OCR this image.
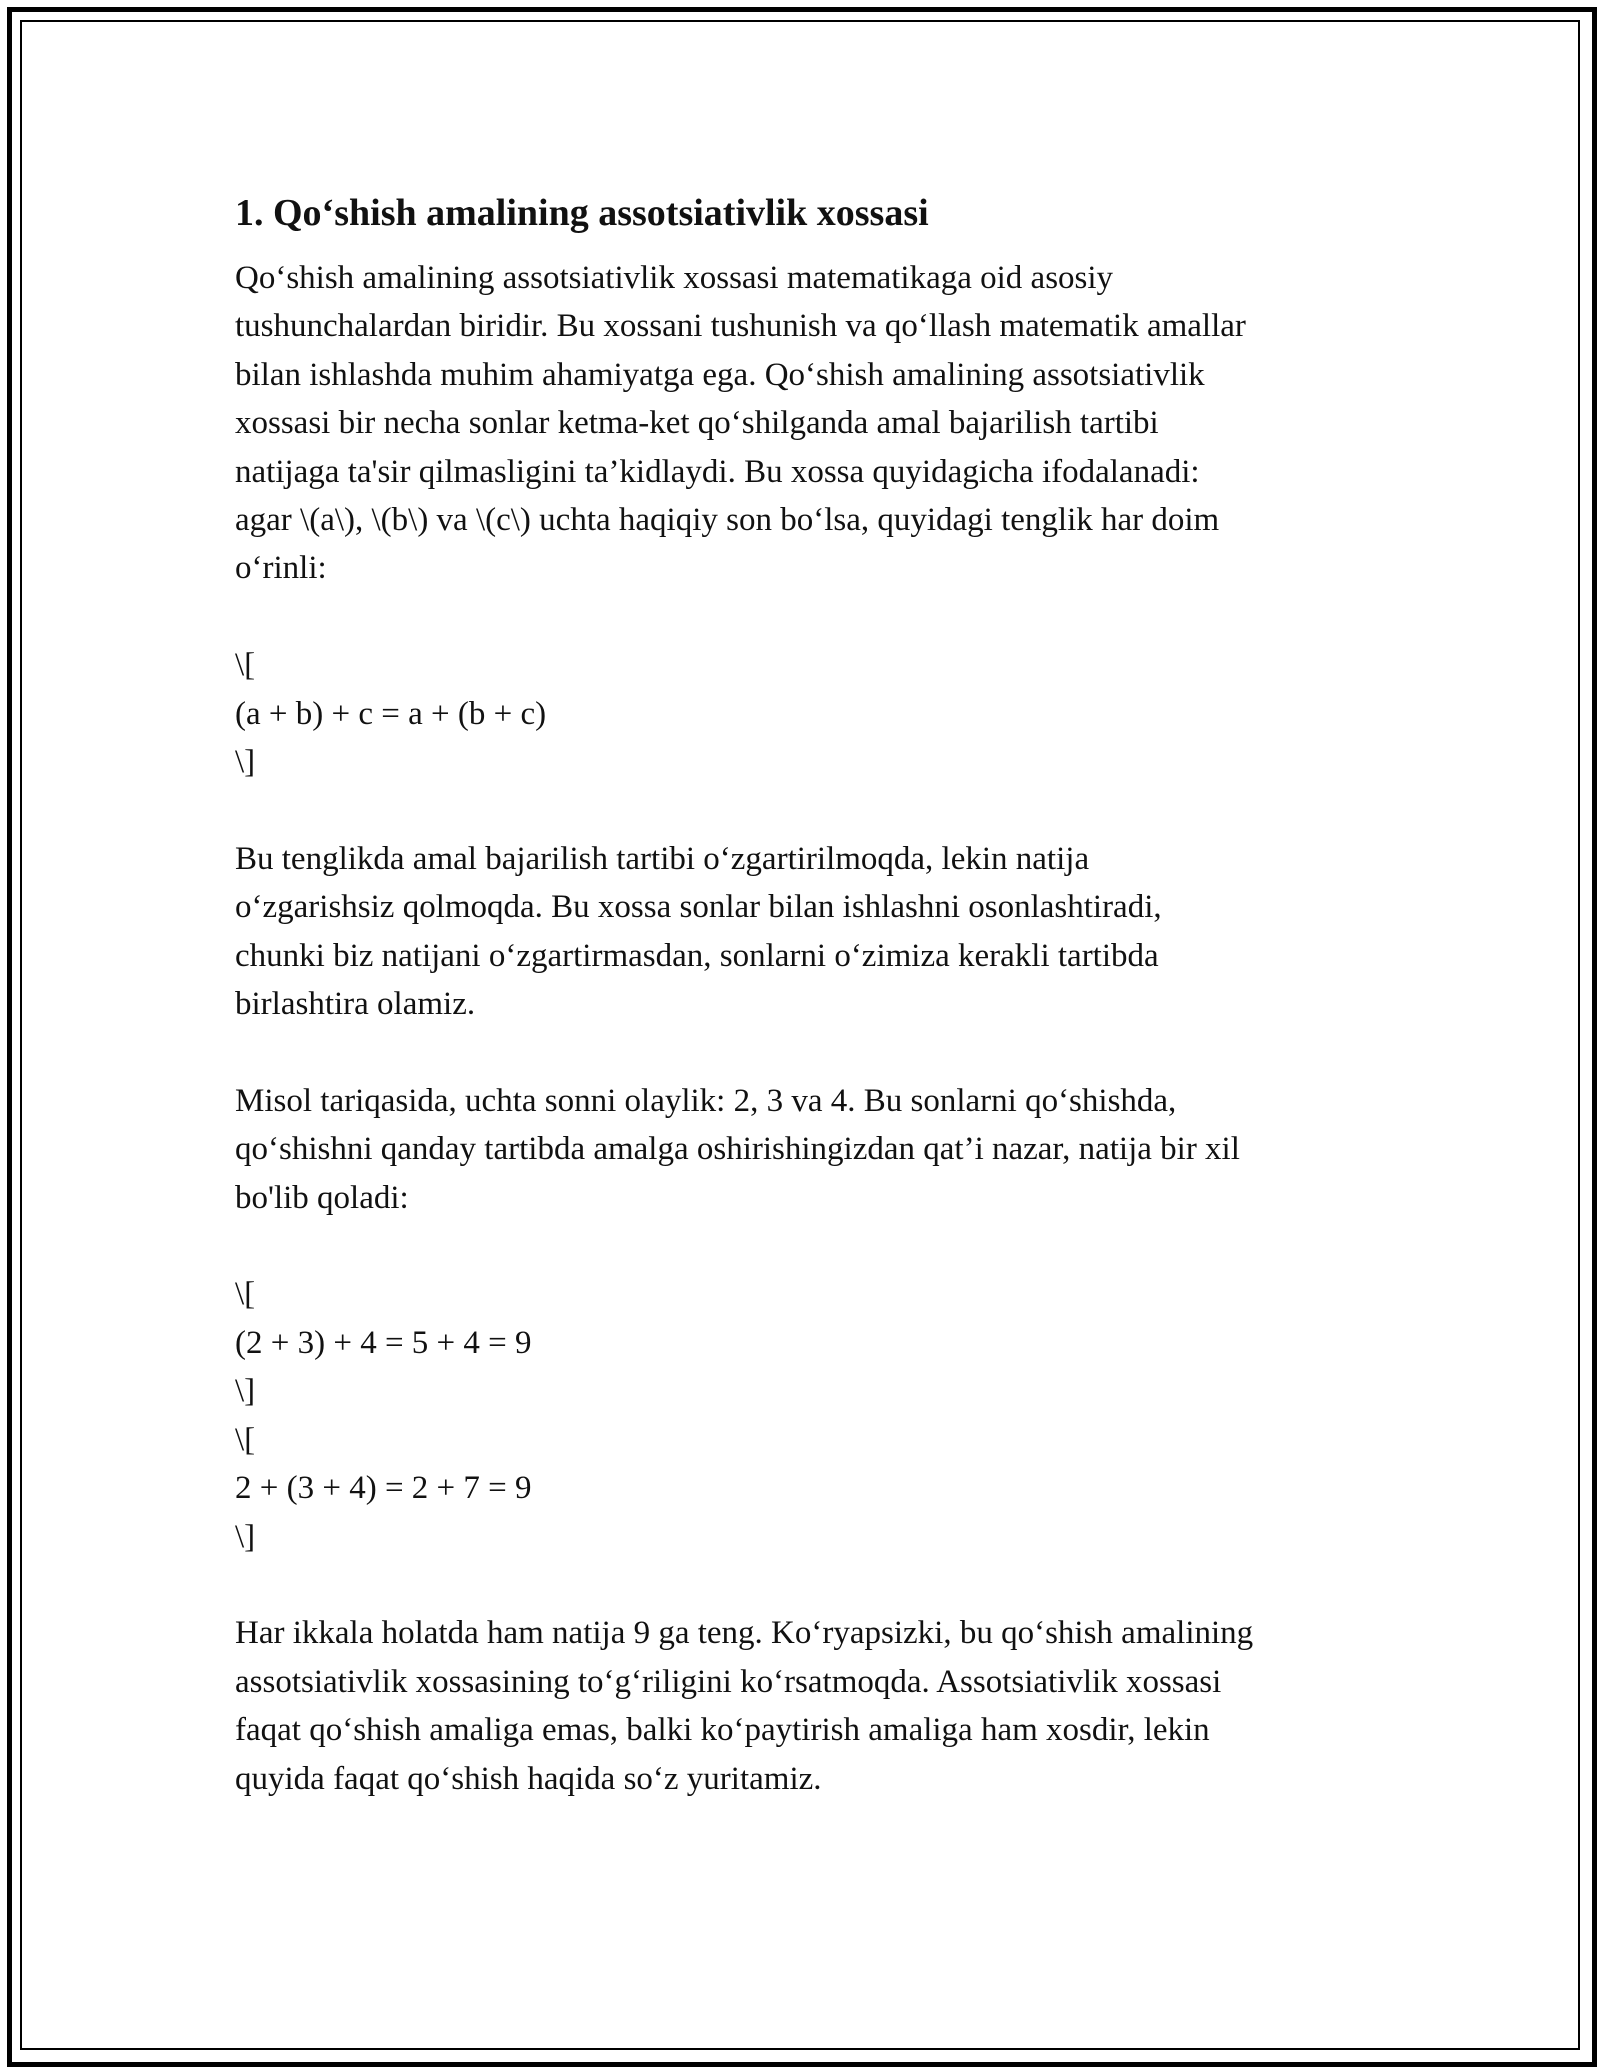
1. Qo‘shish amalining assotsiativlik xossasi

Qo‘shish amalining assotsiativlik xossasi matematikaga oid asosiy
tushunchalardan biridir. Bu xossani tushunish va qo‘llash matematik amallar
bilan ishlashda muhim ahamiyatga ega. Qo‘shish amalining assotsiativlik
xossasi bir necha sonlar ketma-ket qo‘shilganda amal bajarilish tartibi
natijaga ta'sir qilmasligini ta’kidlaydi. Bu xossa quyidagicha ifodalanadi:
agar \(a\), \(b\) va \(c\) uchta haqiqiy son bo‘lsa, quyidagi tenglik har doim
o‘rinli:

\[
(a + b) + c = a + (b + c)
\]

Bu tenglikda amal bajarilish tartibi o‘zgartirilmoqda, lekin natija
o‘zgarishsiz qolmoqda. Bu xossa sonlar bilan ishlashni osonlashtiradi,
chunki biz natijani o‘zgartirmasdan, sonlarni o‘zimiza kerakli tartibda
birlashtira olamiz.

Misol tariqasida, uchta sonni olaylik: 2, 3 va 4. Bu sonlarni qo‘shishda,
qo‘shishni qanday tartibda amalga oshirishingizdan qat’i nazar, natija bir xil
bo'lib qoladi:

\[
(2 + 3) + 4 = 5 + 4 = 9
\]
\[
2 + (3 + 4) = 2 + 7 = 9
\]

Har ikkala holatda ham natija 9 ga teng. Ko‘ryapsizki, bu qo‘shish amalining
assotsiativlik xossasining to‘g‘riligini ko‘rsatmoqda. Assotsiativlik xossasi
faqat qo‘shish amaliga emas, balki ko‘paytirish amaliga ham xosdir, lekin
quyida faqat qo‘shish haqida so‘z yuritamiz.
